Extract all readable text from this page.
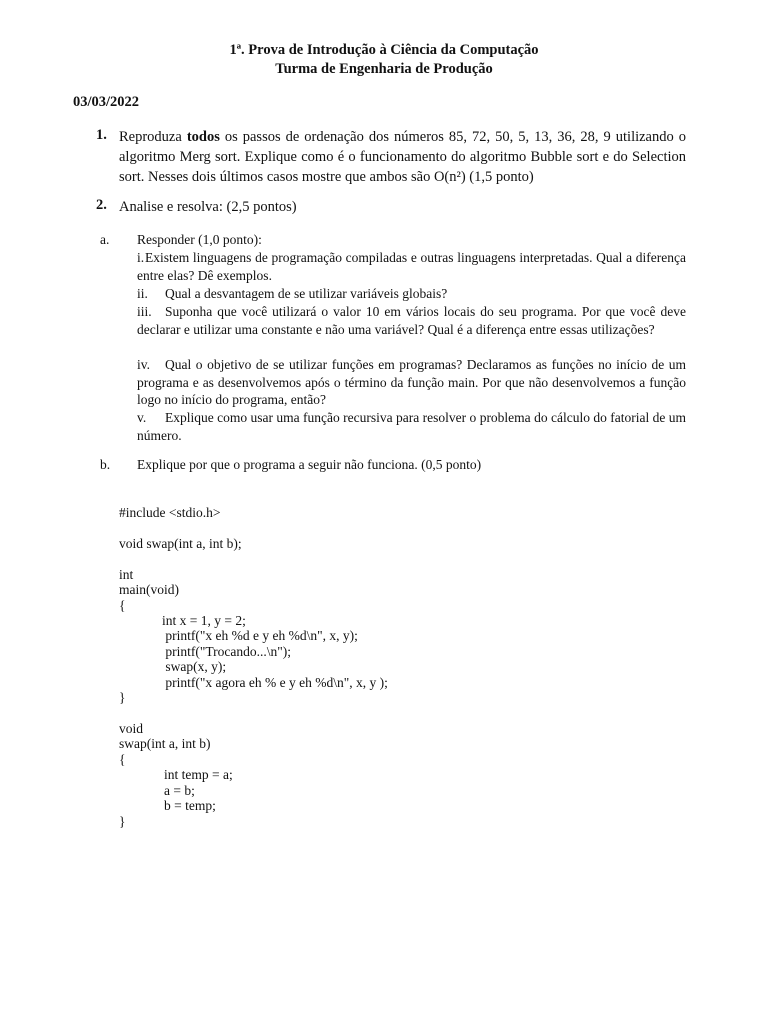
1ª. Prova de Introdução à Ciência da Computação
Turma de Engenharia de Produção
03/03/2022
1. Reproduza todos os passos de ordenação dos números 85, 72, 50, 5, 13, 36, 28, 9 utilizando o algoritmo Merg sort. Explique como é o funcionamento do algoritmo Bubble sort e do Selection sort. Nesses dois últimos casos mostre que ambos são O(n²) (1,5 ponto)
2. Analise e resolva: (2,5 pontos)
a. Responder (1,0 ponto):
i.Existem linguagens de programação compiladas e outras linguagens interpretadas. Qual a diferença entre elas? Dê exemplos.
ii. Qual a desvantagem de se utilizar variáveis globais?
iii. Suponha que você utilizará o valor 10 em vários locais do seu programa. Por que você deve declarar e utilizar uma constante e não uma variável? Qual é a diferença entre essas utilizações?
iv. Qual o objetivo de se utilizar funções em programas? Declaramos as funções no início de um programa e as desenvolvemos após o término da função main. Por que não desenvolvemos a função logo no início do programa, então?
v. Explique como usar uma função recursiva para resolver o problema do cálculo do fatorial de um número.
b. Explique por que o programa a seguir não funciona. (0,5 ponto)
#include <stdio.h>
void swap(int a, int b);
int
main(void)
{
int x = 1, y = 2;
printf("x eh %d e y eh %d\n", x, y);
printf("Trocando...\n");
swap(x, y);
printf("x agora eh % e y eh %d\n", x, y );
}
void
swap(int a, int b)
{
int temp = a;
a = b;
b = temp;
}
